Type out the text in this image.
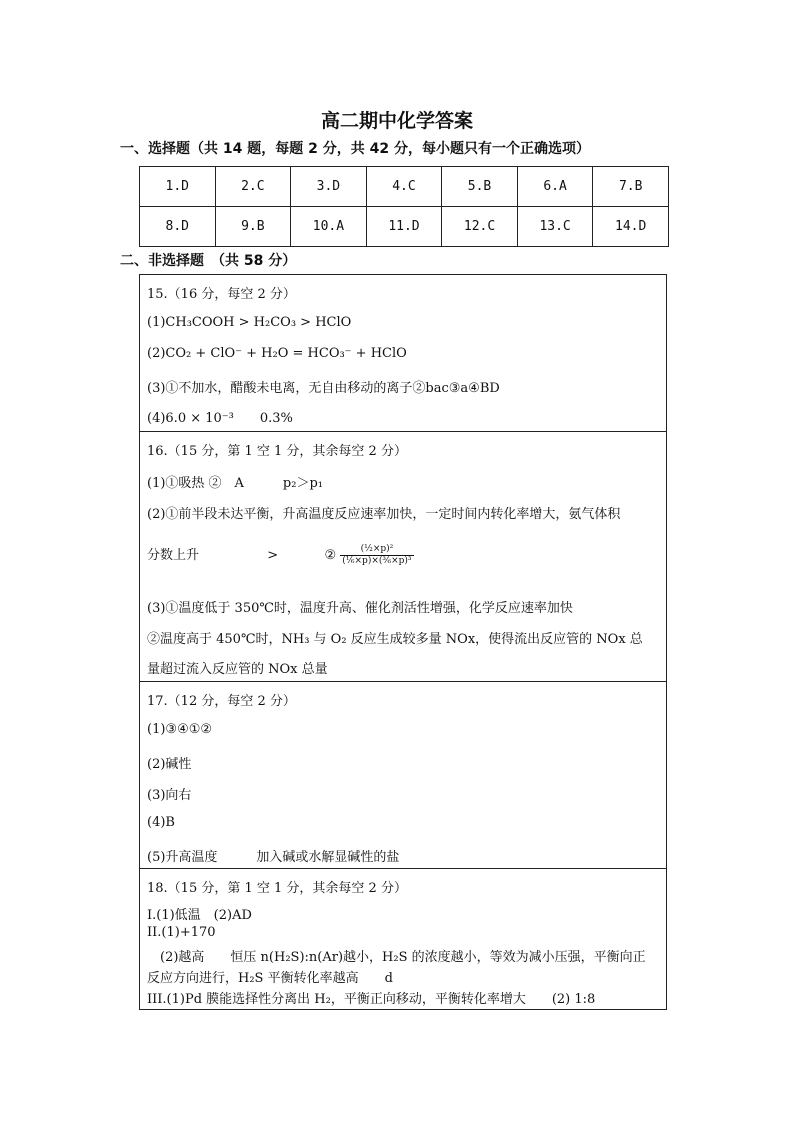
高二期中化学答案
一、选择题（共 14 题，每题 2 分，共 42 分，每小题只有一个正确选项）
1.D	2.C	3.D	4.C	5.B	6.A	7.B
8.D	9.B	10.A	11.D	12.C	13.C	14.D
二、非选择题　（共 58 分）
15.（16 分，每空 2 分）
(1)CH₃COOH > H₂CO₃ > HClO
(2)CO₂ + ClO⁻ + H₂O = HCO₃⁻ + HClO
(3)①不加水，醋酸未电离，无自由移动的离子②bac③a④BD
(4)6.0 × 10⁻³　　0.3%
16.（15 分，第 1 空 1 分，其余每空 2 分）
(1)①吸热 ②　A　　　p₂＞p₁
(2)①前半段未达平衡，升高温度反应速率加快，一定时间内转化率增大，氨气体积
分数上升	>	② $\frac{\text{(½×p)²}}{\text{(⅙×p)×(³⁄₆×p)³}}$
(3)①温度低于 350℃时，温度升高、催化剂活性增强，化学反应速率加快
②温度高于 450℃时，NH₃ 与 O₂ 反应生成较多量 NOx，使得流出反应管的 NOx 总
量超过流入反应管的 NOx 总量
17.（12 分，每空 2 分）
(1)③④①②
(2)碱性
(3)向右
(4)B
(5)升高温度　　　加入碱或水解显碱性的盐
18.（15 分，第 1 空 1 分，其余每空 2 分）
I.(1)低温　(2)AD
II.(1)+170
　(2)越高　　恒压 n(H₂S):n(Ar)越小，H₂S 的浓度越小，等效为减小压强，平衡向正
反应方向进行，H₂S 平衡转化率越高　　d
III.(1)Pd 膜能选择性分离出 H₂，平衡正向移动，平衡转化率增大　　(2) 1:8
